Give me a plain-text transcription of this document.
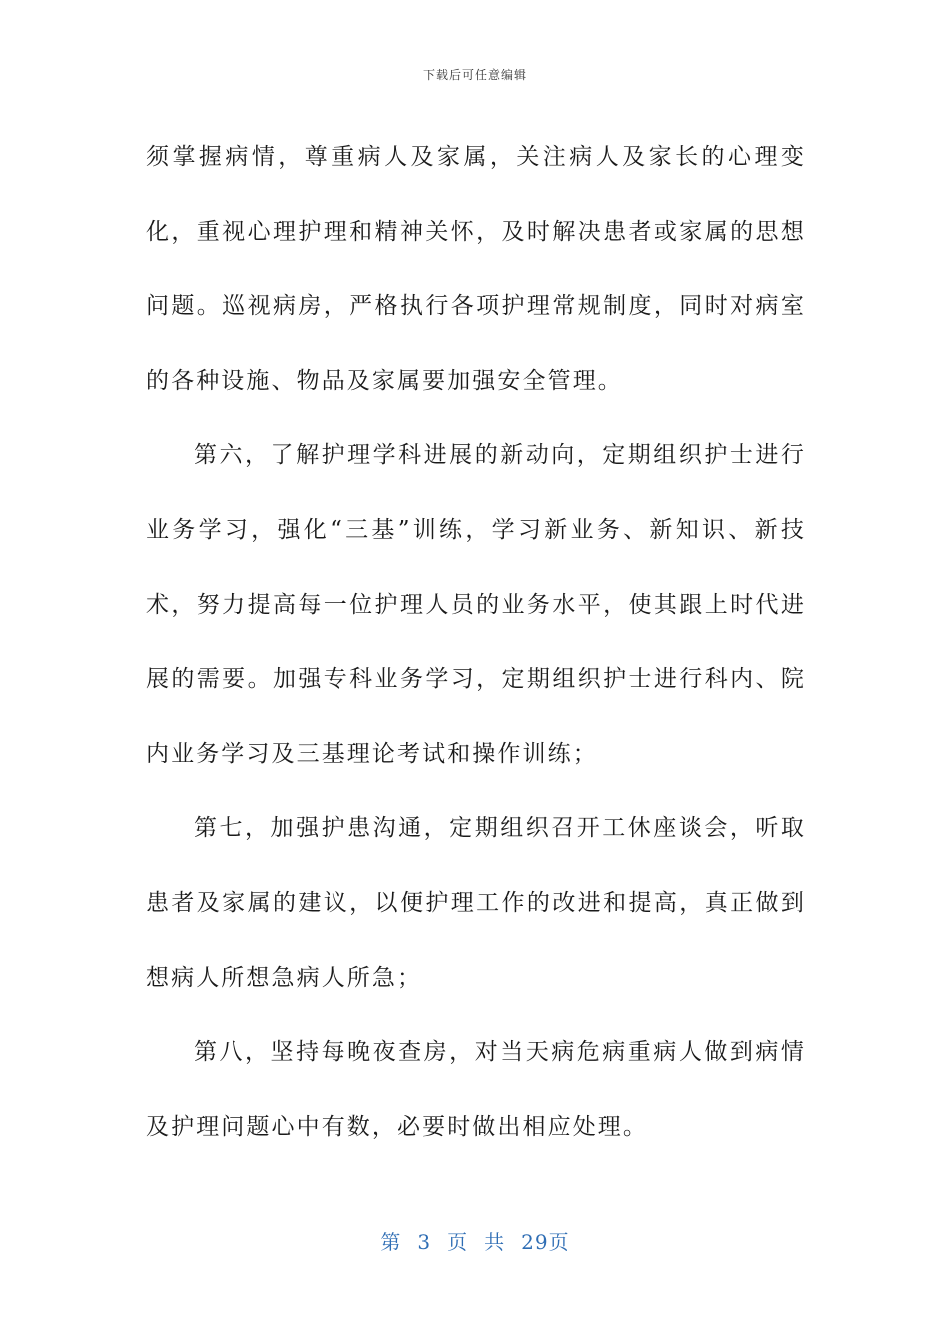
下载后可任意编辑

须掌握病情，尊重病人及家属，关注病人及家长的心理变化，重视心理护理和精神关怀，及时解决患者或家属的思想问题。巡视病房，严格执行各项护理常规制度，同时对病室的各种设施、物品及家属要加强安全管理。

第六，了解护理学科进展的新动向，定期组织护士进行业务学习，强化“三基”训练，学习新业务、新知识、新技术，努力提高每一位护理人员的业务水平，使其跟上时代进展的需要。加强专科业务学习，定期组织护士进行科内、院内业务学习及三基理论考试和操作训练；

第七，加强护患沟通，定期组织召开工休座谈会，听取患者及家属的建议，以便护理工作的改进和提高，真正做到想病人所想急病人所急；

第八，坚持每晚夜查房，对当天病危病重病人做到病情及护理问题心中有数，必要时做出相应处理。

第 3 页 共 29页
